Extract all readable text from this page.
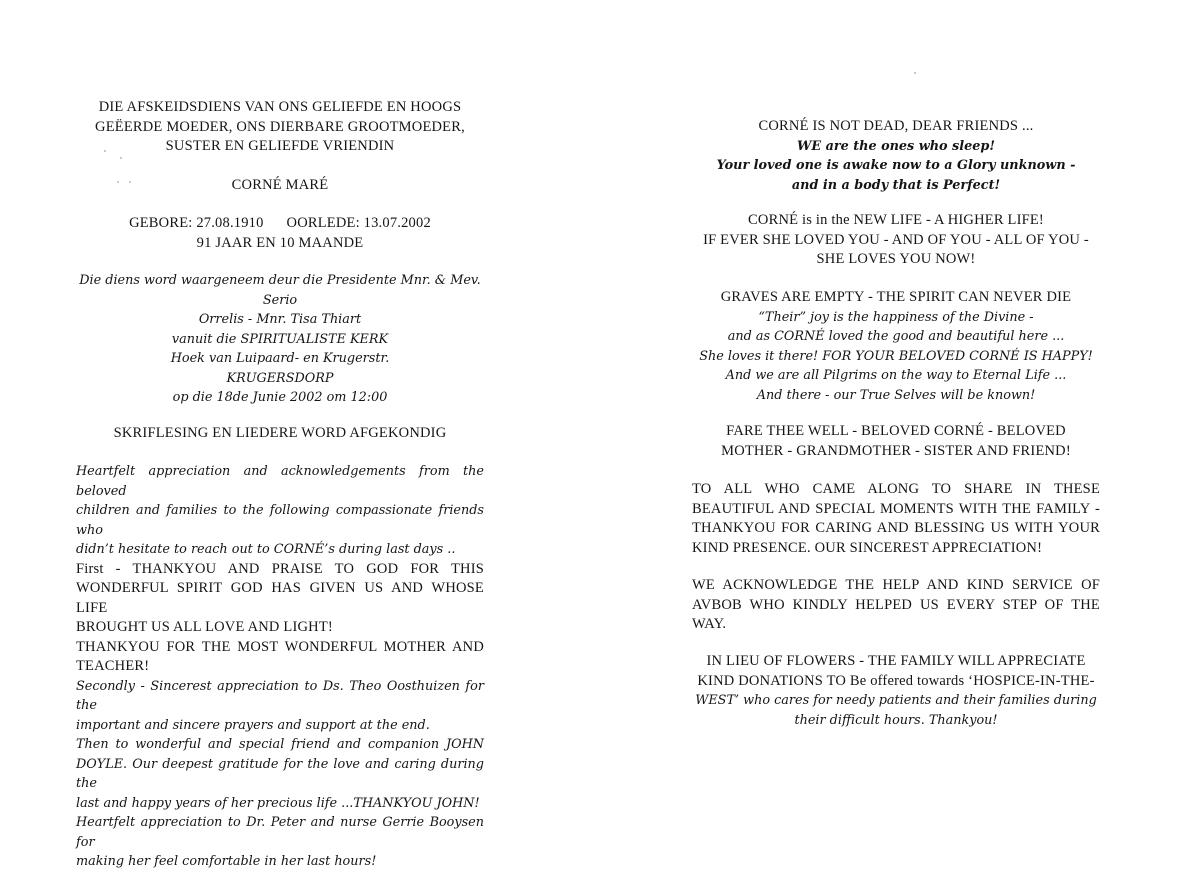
DIE AFSKEIDSDIENS VAN ONS GELIEFDE EN HOOGS
GEËERDE MOEDER, ONS DIERBARE GROOTMOEDER,
SUSTER EN GELIEFDE VRIENDIN
CORNÉ MARÉ
GEBORE: 27.08.1910      OORLEDE: 13.07.2002
91 JAAR EN 10 MAANDE
Die diens word waargeneem deur die Presidente Mnr. & Mev.
Serio
Orrelis - Mnr. Tisa Thiart
vanuit die SPIRITUALISTE KERK
Hoek van Luipaard- en Krugerstr.
KRUGERSDORP
op die 18de Junie 2002 om 12:00
SKRIFLESING EN LIEDERE WORD AFGEKONDIG
Heartfelt appreciation and acknowledgements from the beloved
children and families to the following compassionate friends who
didn’t hesitate to reach out to CORNÉ’s during last days ..
First - THANKYOU AND PRAISE TO GOD FOR THIS
WONDERFUL SPIRIT GOD HAS GIVEN US AND WHOSE LIFE
BROUGHT US ALL LOVE AND LIGHT!
THANKYOU FOR THE MOST WONDERFUL MOTHER AND
TEACHER!
Secondly - Sincerest appreciation to Ds. Theo Oosthuizen for the
important and sincere prayers and support at the end.
Then to wonderful and special friend and companion JOHN
DOYLE. Our deepest gratitude for the love and caring during the
last and happy years of her precious life ...THANKYOU JOHN!
Heartfelt appreciation to Dr. Peter and nurse Gerrie Booysen for
making her feel comfortable in her last hours!
CORNÉ IS NOT DEAD, DEAR FRIENDS ...
WE are the ones who sleep!
Your loved one is awake now to a Glory unknown -
and in a body that is Perfect!
CORNÉ is in the NEW LIFE - A HIGHER LIFE!
IF EVER SHE LOVED YOU - AND OF YOU - ALL OF YOU -
SHE LOVES YOU NOW!
GRAVES ARE EMPTY - THE SPIRIT CAN NEVER DIE
“Their” joy is the happiness of the Divine -
and as CORNÉ loved the good and beautiful here ...
She loves it there! FOR YOUR BELOVED CORNÉ IS HAPPY!
And we are all Pilgrims on the way to Eternal Life ...
And there - our True Selves will be known!
FARE THEE WELL - BELOVED CORNÉ - BELOVED
MOTHER - GRANDMOTHER - SISTER AND FRIEND!
TO ALL WHO CAME ALONG TO SHARE IN THESE
BEAUTIFUL AND SPECIAL MOMENTS WITH THE FAMILY -
THANKYOU FOR CARING AND BLESSING US WITH YOUR
KIND PRESENCE. OUR SINCEREST APPRECIATION!
WE ACKNOWLEDGE THE HELP AND KIND SERVICE OF
AVBOB WHO KINDLY HELPED US EVERY STEP OF THE
WAY.
IN LIEU OF FLOWERS - THE FAMILY WILL APPRECIATE
KIND DONATIONS TO Be offered towards ‘HOSPICE-IN-THE-
WEST’ who cares for needy patients and their families during
their difficult hours. Thankyou!
